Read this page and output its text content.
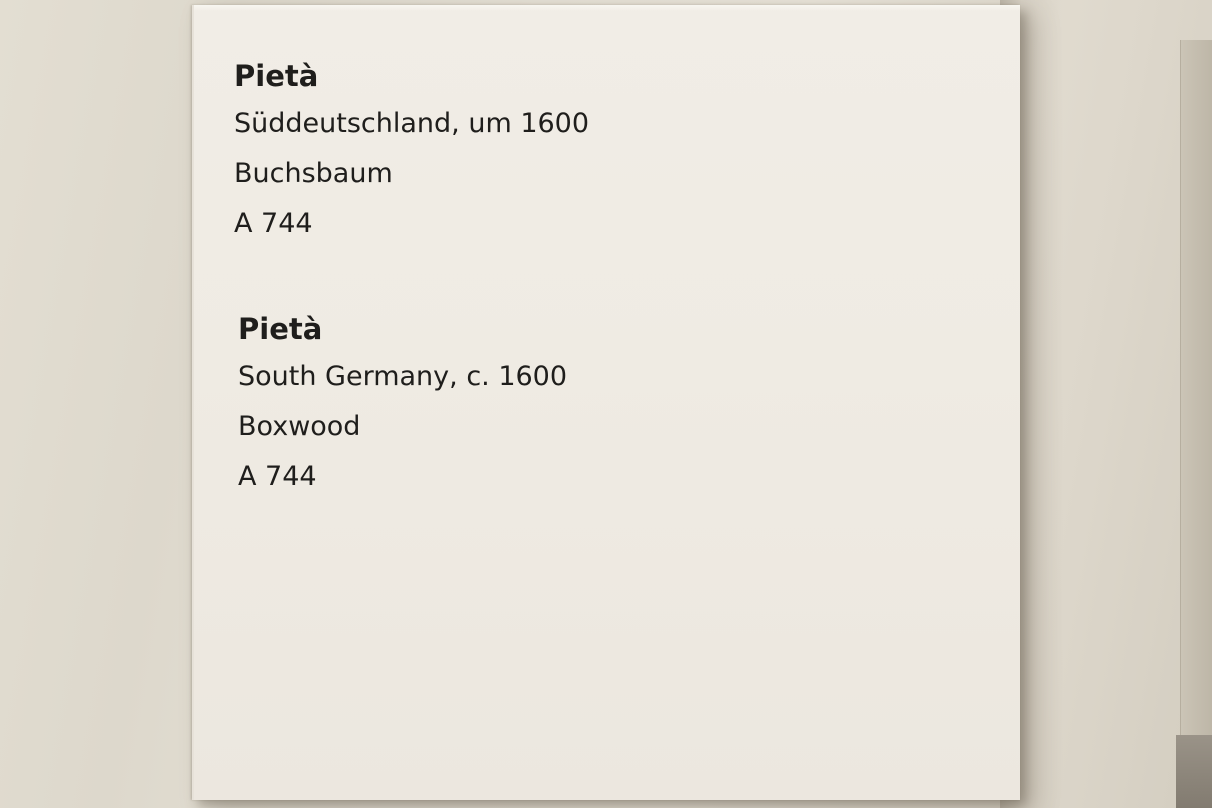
Pietà
Süddeutschland, um 1600
Buchsbaum
A 744
Pietà
South Germany, c. 1600
Boxwood
A 744
